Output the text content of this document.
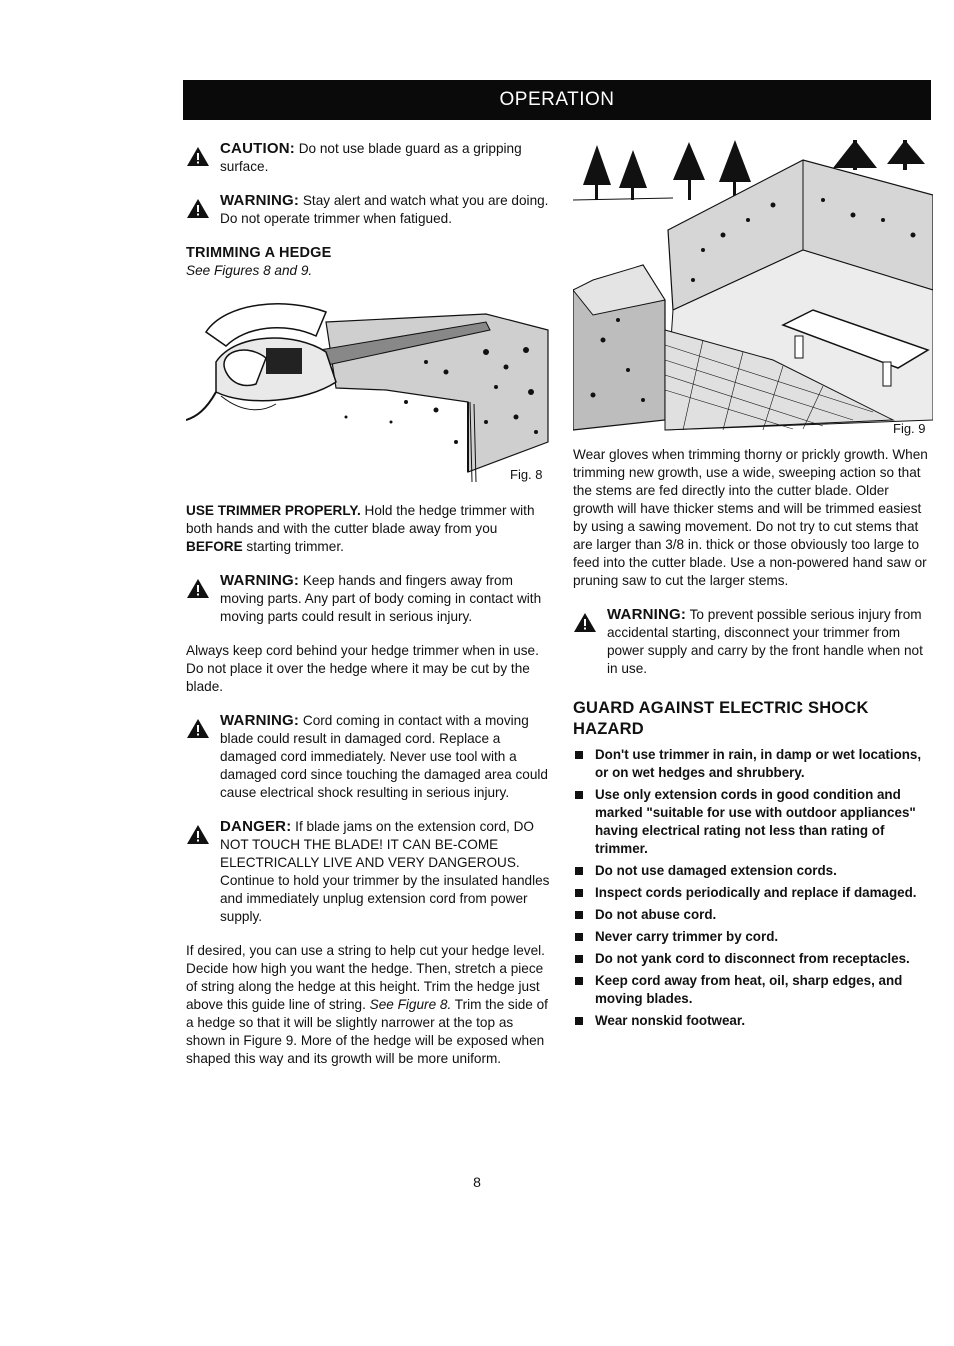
OPERATION
CAUTION: Do not use blade guard as a gripping surface.
WARNING: Stay alert and watch what you are doing. Do not operate trimmer when fatigued.
TRIMMING A HEDGE
See Figures 8 and 9.
Fig. 8

USE TRIMMER PROPERLY. Hold the hedge trimmer with both hands and with the cutter blade away from you BEFORE starting trimmer.

WARNING: Keep hands and fingers away from moving parts. Any part of body coming in contact with moving parts could result in serious injury.

Always keep cord behind your hedge trimmer when in use. Do not place it over the hedge where it may be cut by the blade.

WARNING: Cord coming in contact with a moving blade could result in damaged cord. Replace a damaged cord immediately. Never use tool with a damaged cord since touching the damaged area could cause electrical shock resulting in serious injury.
DANGER: If blade jams on the extension cord, DO NOT TOUCH THE BLADE! IT CAN BE-COME ELECTRICALLY LIVE AND VERY DANGEROUS. Continue to hold your trimmer by the insulated handles and immediately unplug extension cord from power supply.

If desired, you can use a string to help cut your hedge level. Decide how high you want the hedge. Then, stretch a piece of string along the hedge at this height. Trim the hedge just above this guide line of string. See Figure 8. Trim the side of a hedge so that it will be slightly narrower at the top as shown in Figure 9. More of the hedge will be exposed when shaped this way and its growth will be more uniform.

Fig. 9

Wear gloves when trimming thorny or prickly growth. When trimming new growth, use a wide, sweeping action so that the stems are fed directly into the cutter blade. Older growth will have thicker stems and will be trimmed easiest by using a sawing movement. Do not try to cut stems that are larger than 3/8 in. thick or those obviously too large to feed into the cutter blade. Use a non-powered hand saw or pruning saw to cut the larger stems.

WARNING: To prevent possible serious injury from accidental starting, disconnect your trimmer from power supply and carry by the front handle when not in use.
GUARD AGAINST ELECTRIC SHOCK HAZARD
Don't use trimmer in rain, in damp or wet locations, or on wet hedges and shrubbery.
Use only extension cords in good condition and marked "suitable for use with outdoor appliances" having electrical rating not less than rating of trimmer.
Do not use damaged extension cords.
Inspect cords periodically and replace if damaged.
Do not abuse cord.
Never carry trimmer by cord.
Do not yank cord to disconnect from receptacles.
Keep cord away from heat, oil, sharp edges, and moving blades.
Wear nonskid footwear.
8
